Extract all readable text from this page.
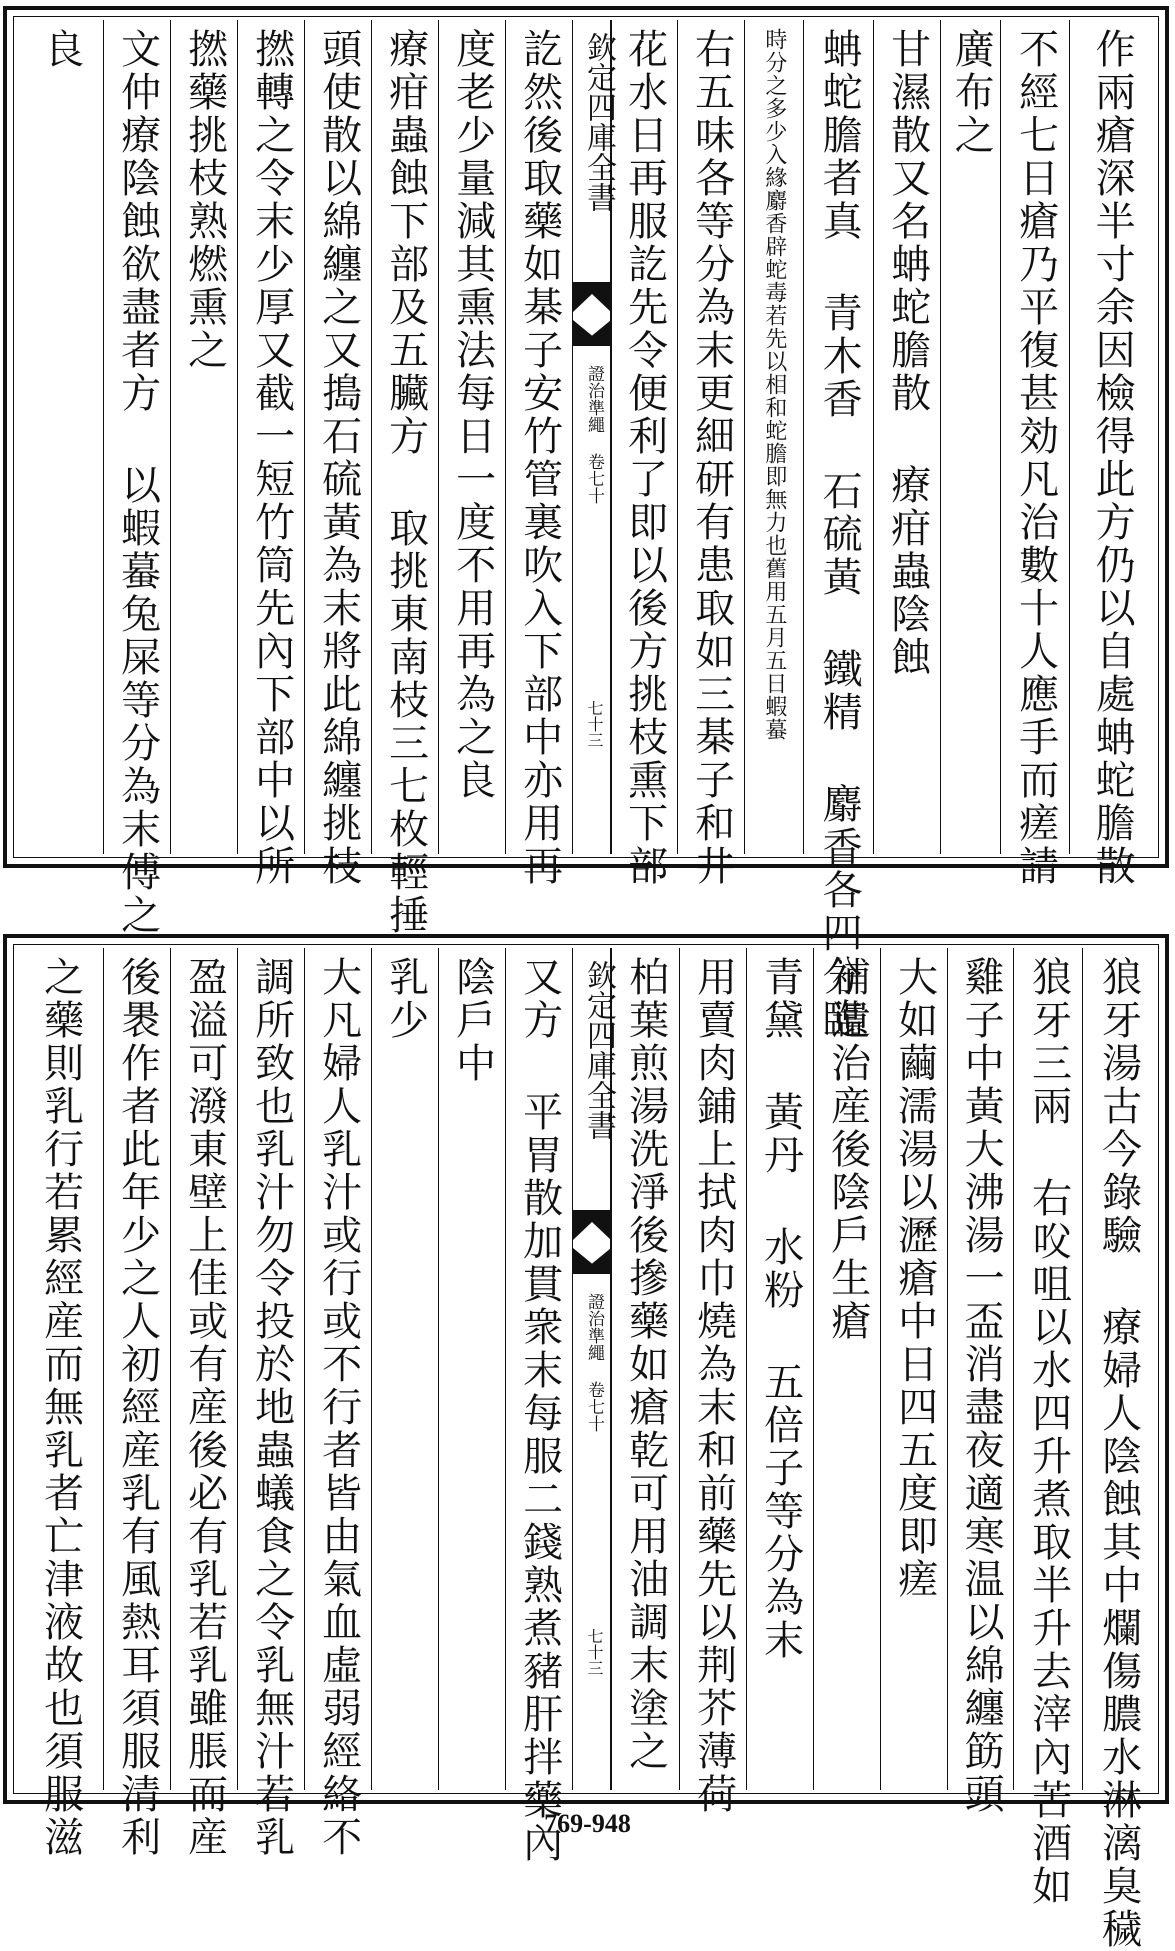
作兩瘡深半寸余因檢得此方仍以自處蚺蛇膽散
不經七日瘡乃平復甚効凡治數十人應手而瘥請
廣布之
甘濕散又名蚺蛇膽散 療疳蟲陰蝕
蚺蛇膽者真 青木香 石硫黃 鐵精 麝香各四分臨
時分之多少入緣麝香辟蛇毒若先以相和蛇膽即無力也舊用五月五日蝦蟇
右五味各等分為末更細研有患取如三棊子和井
花水日再服訖先令便利了即以後方挑枝熏下部
欽定四庫全書
證治準繩 卷七十
七十三
訖然後取藥如棊子安竹管裏吹入下部中亦用再
度老少量減其熏法每日一度不用再為之良
療疳蟲蝕下部及五臟方 取挑東南枝三七枚輕捶
頭使散以綿纏之又搗石硫黃為末將此綿纏挑枝
撚轉之令末少厚又截一短竹筒先內下部中以所
撚藥挑枝熟燃熏之
文仲療陰蝕欲盡者方 以蝦蟇兔屎等分為末傅之
良
狼牙湯古今錄驗 療婦人陰蝕其中爛傷膿水淋漓臭穢
狼牙三兩 右㕮咀以水四升煮取半升去滓內苦酒如
雞子中黃大沸湯一盃消盡夜適寒温以綿纏筯頭
大如繭濡湯以瀝瘡中日四五度即瘥
補遺治産後陰戶生瘡
青黛 黃丹 水粉 五倍子等分為末
用賣肉鋪上拭肉巾燒為末和前藥先以荆芥薄荷
柏葉煎湯洗淨後摻藥如瘡乾可用油調末塗之
欽定四庫全書
證治準繩 卷七十
七十三
又方 平胃散加貫衆末每服二錢熟煮豬肝拌藥內
陰戶中
乳少
大凡婦人乳汁或行或不行者皆由氣血虛弱經絡不
調所致也乳汁勿令投於地蟲蟻食之令乳無汁若乳
盈溢可潑東壁上佳或有産後必有乳若乳雖脹而産
後褁作者此年少之人初經産乳有風熱耳須服清利
之藥則乳行若累經産而無乳者亡津液故也須服滋	769-948
